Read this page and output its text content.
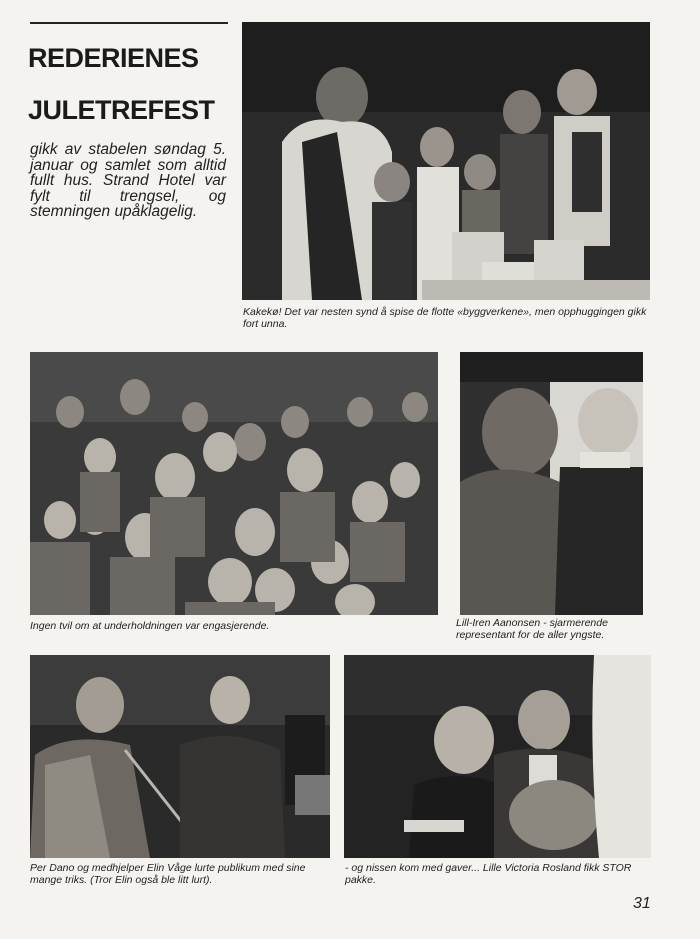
REDERIENES
JULETREFEST

gikk av stabelen søndag 5. januar og samlet som alltid fullt hus. Strand Hotel var fylt til trengsel, og stemningen upåklagelig.

Kakekø! Det var nesten synd å spise de flotte «byggverkene», men opphuggingen gikk fort unna.

Ingen tvil om at underholdningen var engasjerende.	Lill-Iren Aanonsen - sjarmerende representant for de aller yngste.

Per Dano og medhjelper Elin Våge lurte publikum med sine mange triks. (Tror Elin også ble litt lurt).

- og nissen kom med gaver... Lille Victoria Rosland fikk STOR pakke.

31
